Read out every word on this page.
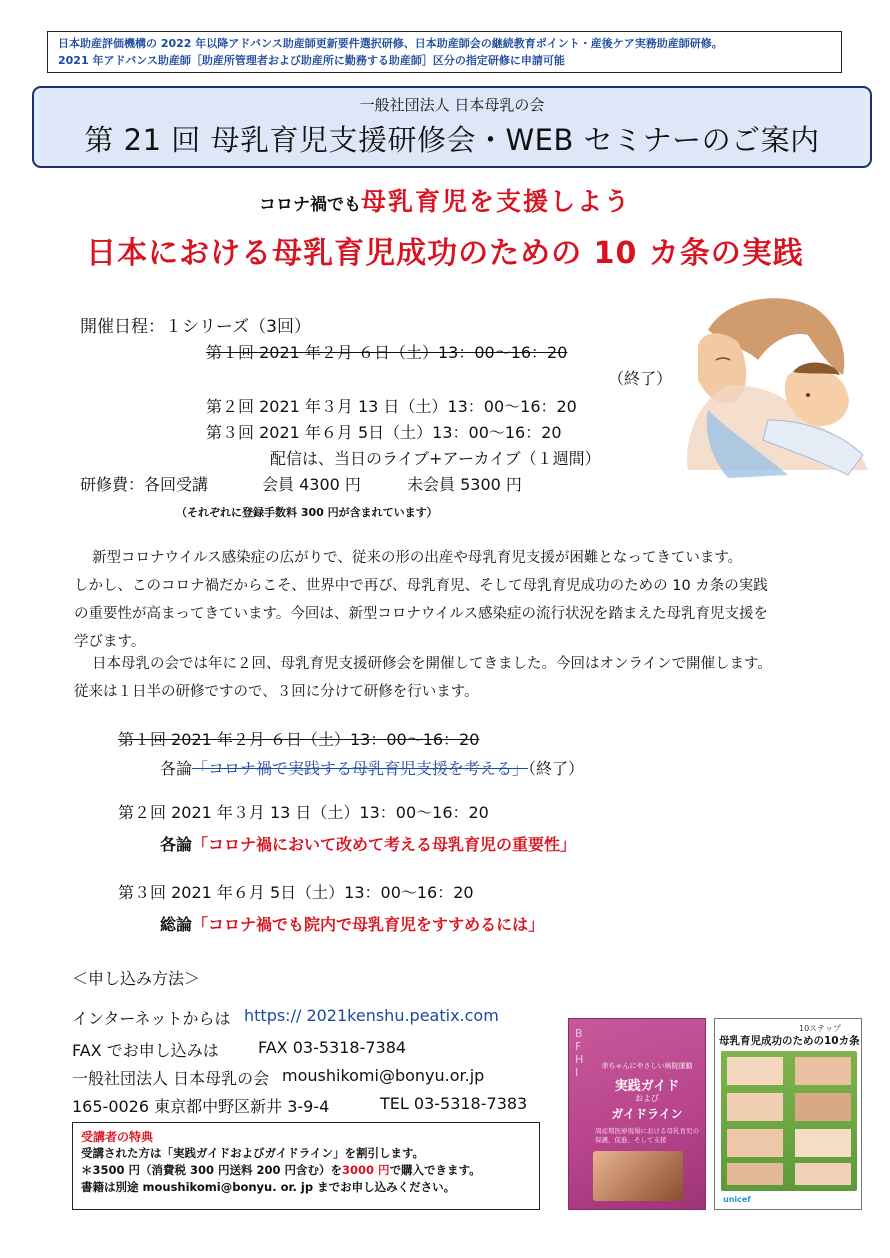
日本助産評価機構の 2022 年以降アドバンス助産師更新要件選択研修、日本助産師会の継続教育ポイント・産後ケア実務助産師研修。
2021 年アドバンス助産師［助産所管理者および助産所に勤務する助産師］区分の指定研修に申請可能
一般社団法人 日本母乳の会
第 21 回 母乳育児支援研修会・WEB セミナーのご案内
コロナ禍でも母乳育児を支援しよう
日本における母乳育児成功のための 10 カ条の実践
開催日程：１シリーズ（3回）
第１回 2021 年２月 ６日（土）13：00〜16：20
（終了）
第２回 2021 年３月 13 日（土）13：00〜16：20
第３回 2021 年６月 5日（土）13：00〜16：20
配信は、当日のライブ+アーカイブ（１週間）
研修費：各回受講	会員 4300 円	未会員 5300 円
（それぞれに登録手数料 300 円が含まれています）
新型コロナウイルス感染症の広がりで、従来の形の出産や母乳育児支援が困難となってきています。
しかし、このコロナ禍だからこそ、世界中で再び、母乳育児、そして母乳育児成功のための 10 カ条の実践
の重要性が高まってきています。今回は、新型コロナウイルス感染症の流行状況を踏まえた母乳育児支援を
学びます。
日本母乳の会では年に２回、母乳育児支援研修会を開催してきました。今回はオンラインで開催します。
従来は１日半の研修ですので、３回に分けて研修を行います。
第１回 2021 年２月 ６日（土）13：00〜16：20
各論「コロナ禍で実践する母乳育児支援を考える」（終了）
第２回 2021 年３月 13 日（土）13：00〜16：20
各論「コロナ禍において改めて考える母乳育児の重要性」
第３回 2021 年６月 5日（土）13：00〜16：20
総論「コロナ禍でも院内で母乳育児をすすめるには」
＜申し込み方法＞
インターネットからは https:// 2021kenshu.peatix.com
FAX でお申し込みは FAX 03-5318-7384
一般社団法人 日本母乳の会 moushikomi@bonyu.or.jp
165-0026 東京都中野区新井 3-9-4	TEL 03-5318-7383
受講者の特典
受講された方は「実践ガイドおよびガイドライン」を割引します。
＊3500 円（消費税 300 円送料 200 円含む）を3000 円で購入できます。
書籍は別途 moushikomi@bonyu. or. jp までお申し込みください。
B
F
H
I	赤ちゃんにやさしい病院運動
実践ガイド
および
ガイドライン
周産期医療現場における母乳育児の保護、促進、そして支援
10ステップ
母乳育児成功のための10カ条
unicef
